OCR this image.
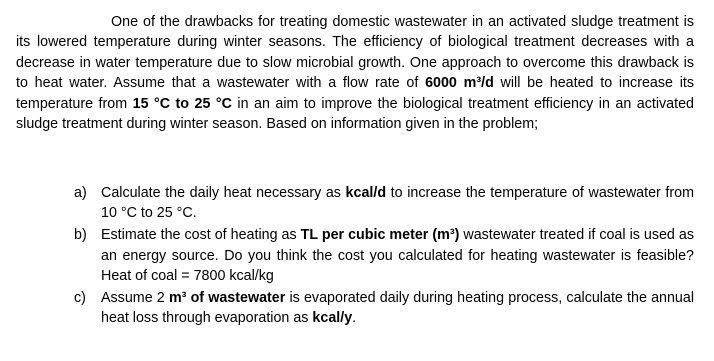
One of the drawbacks for treating domestic wastewater in an activated sludge treatment is its lowered temperature during winter seasons. The efficiency of biological treatment decreases with a decrease in water temperature due to slow microbial growth. One approach to overcome this drawback is to heat water. Assume that a wastewater with a flow rate of 6000 m³/d will be heated to increase its temperature from 15 °C to 25 °C in an aim to improve the biological treatment efficiency in an activated sludge treatment during winter season. Based on information given in the problem;

a) Calculate the daily heat necessary as kcal/d to increase the temperature of wastewater from 10 °C to 25 °C.
b) Estimate the cost of heating as TL per cubic meter (m³) wastewater treated if coal is used as an energy source. Do you think the cost you calculated for heating wastewater is feasible? Heat of coal = 7800 kcal/kg
c) Assume 2 m³ of wastewater is evaporated daily during heating process, calculate the annual heat loss through evaporation as kcal/y.
